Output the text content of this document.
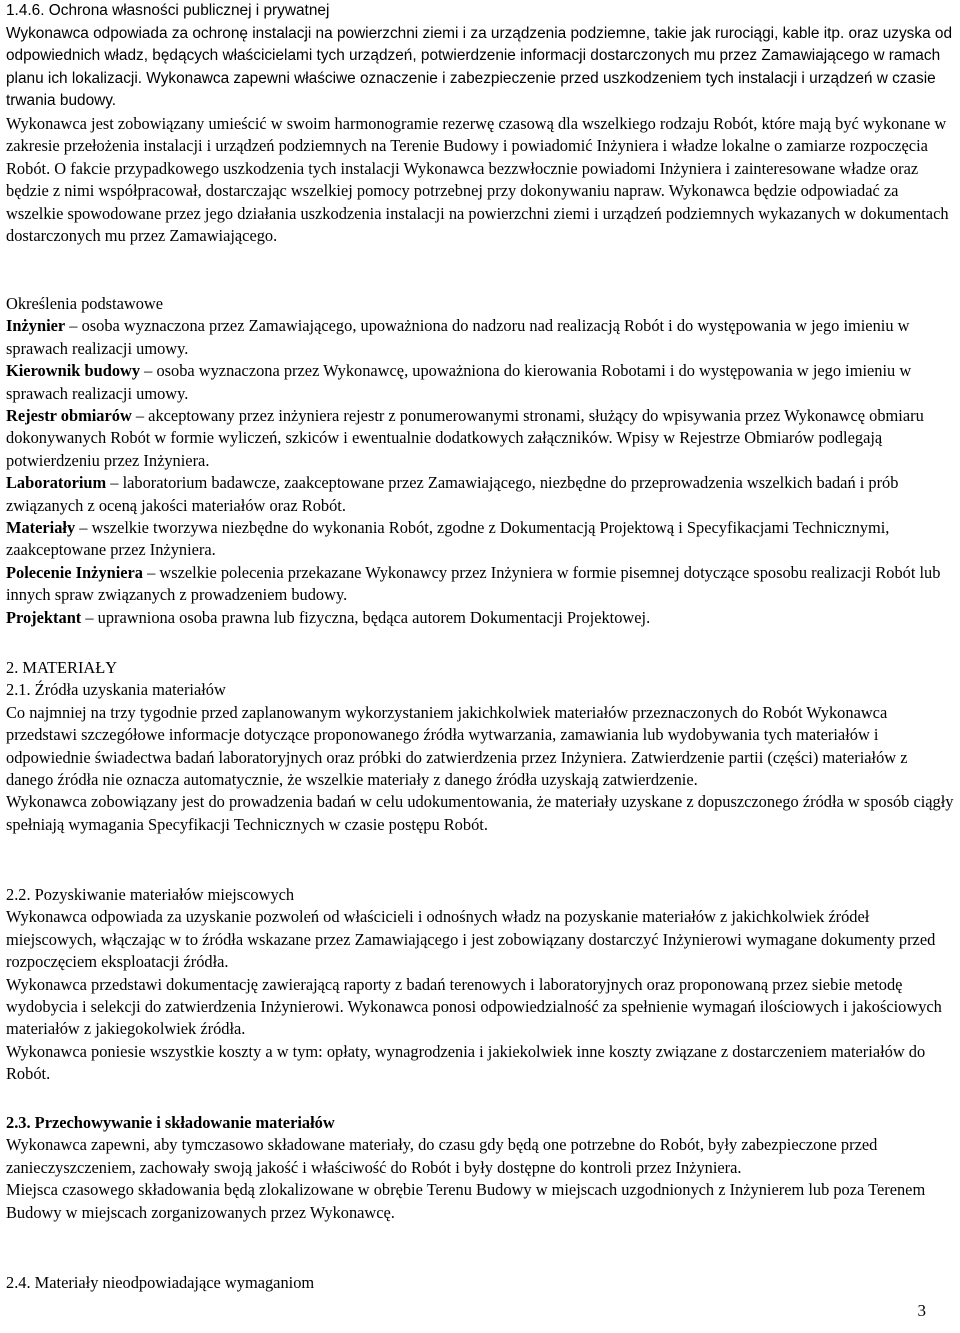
1.4.6. Ochrona własności publicznej i prywatnej

Wykonawca odpowiada za ochronę instalacji na powierzchni ziemi i za urządzenia podziemne, takie jak rurociągi, kable itp. oraz uzyska od odpowiednich władz, będących właścicielami tych urządzeń, potwierdzenie informacji dostarczonych mu przez Zamawiającego w ramach planu ich lokalizacji. Wykonawca zapewni właściwe oznaczenie i zabezpieczenie przed uszkodzeniem tych instalacji i urządzeń w czasie trwania budowy.

Wykonawca jest zobowiązany umieścić w swoim harmonogramie rezerwę czasową dla wszelkiego rodzaju Robót, które mają być wykonane w zakresie przełożenia instalacji i urządzeń podziemnych na Terenie Budowy i powiadomić Inżyniera i władze lokalne o zamiarze rozpoczęcia Robót. O fakcie przypadkowego uszkodzenia tych instalacji Wykonawca bezzwłocznie powiadomi Inżyniera i zainteresowane władze oraz będzie z nimi współpracował, dostarczając wszelkiej pomocy potrzebnej przy dokonywaniu napraw. Wykonawca będzie odpowiadać za wszelkie spowodowane przez jego działania uszkodzenia instalacji na powierzchni ziemi i urządzeń podziemnych wykazanych w dokumentach dostarczonych mu przez Zamawiającego.

Określenia podstawowe

Inżynier – osoba wyznaczona przez Zamawiającego, upoważniona do nadzoru nad realizacją Robót i do występowania w jego imieniu w sprawach realizacji umowy.

Kierownik budowy – osoba wyznaczona przez Wykonawcę, upoważniona do kierowania Robotami i do występowania w jego imieniu w sprawach realizacji umowy.

Rejestr obmiarów – akceptowany przez inżyniera rejestr z ponumerowanymi stronami, służący do wpisywania przez Wykonawcę obmiaru dokonywanych Robót w formie wyliczeń, szkiców i ewentualnie dodatkowych załączników. Wpisy w Rejestrze Obmiarów podlegają potwierdzeniu przez Inżyniera.

Laboratorium – laboratorium badawcze, zaakceptowane przez Zamawiającego, niezbędne do przeprowadzenia wszelkich badań i prób związanych z oceną jakości materiałów oraz Robót.

Materiały – wszelkie tworzywa niezbędne do wykonania Robót, zgodne z Dokumentacją Projektową i Specyfikacjami Technicznymi, zaakceptowane przez Inżyniera.

Polecenie Inżyniera – wszelkie polecenia przekazane Wykonawcy przez Inżyniera w formie pisemnej dotyczące sposobu realizacji Robót lub innych spraw związanych z prowadzeniem budowy.

Projektant – uprawniona osoba prawna lub fizyczna, będąca autorem Dokumentacji Projektowej.

2. MATERIAŁY

2.1. Źródła uzyskania materiałów

Co najmniej na trzy tygodnie przed zaplanowanym wykorzystaniem jakichkolwiek materiałów przeznaczonych do Robót Wykonawca przedstawi szczegółowe informacje dotyczące proponowanego źródła wytwarzania, zamawiania lub wydobywania tych materiałów i odpowiednie świadectwa badań laboratoryjnych oraz próbki do zatwierdzenia przez Inżyniera. Zatwierdzenie partii (części) materiałów z danego źródła nie oznacza automatycznie, że wszelkie materiały z danego źródła uzyskają zatwierdzenie.

Wykonawca zobowiązany jest do prowadzenia badań w celu udokumentowania, że materiały uzyskane z dopuszczonego źródła w sposób ciągły spełniają wymagania Specyfikacji Technicznych w czasie postępu Robót.

2.2. Pozyskiwanie materiałów miejscowych

Wykonawca odpowiada za uzyskanie pozwoleń od właścicieli i odnośnych władz na pozyskanie materiałów z jakichkolwiek źródeł miejscowych, włączając w to źródła wskazane przez Zamawiającego i jest zobowiązany dostarczyć Inżynierowi wymagane dokumenty przed rozpoczęciem eksploatacji źródła.

Wykonawca przedstawi dokumentację zawierającą raporty z badań terenowych i laboratoryjnych oraz proponowaną przez siebie metodę wydobycia i selekcji do zatwierdzenia Inżynierowi. Wykonawca ponosi odpowiedzialność za spełnienie wymagań ilościowych i jakościowych materiałów z jakiegokolwiek źródła.

Wykonawca poniesie wszystkie koszty a w tym: opłaty, wynagrodzenia i jakiekolwiek inne koszty związane z dostarczeniem materiałów do Robót.

2.3. Przechowywanie i składowanie materiałów

Wykonawca zapewni, aby tymczasowo składowane materiały, do czasu gdy będą one potrzebne do Robót, były zabezpieczone przed zanieczyszczeniem, zachowały swoją jakość i właściwość do Robót i były dostępne do kontroli przez Inżyniera.

Miejsca czasowego składowania będą zlokalizowane w obrębie Terenu Budowy w miejscach uzgodnionych z Inżynierem lub poza Terenem Budowy w miejscach zorganizowanych przez Wykonawcę.

2.4. Materiały nieodpowiadające wymaganiom

3
